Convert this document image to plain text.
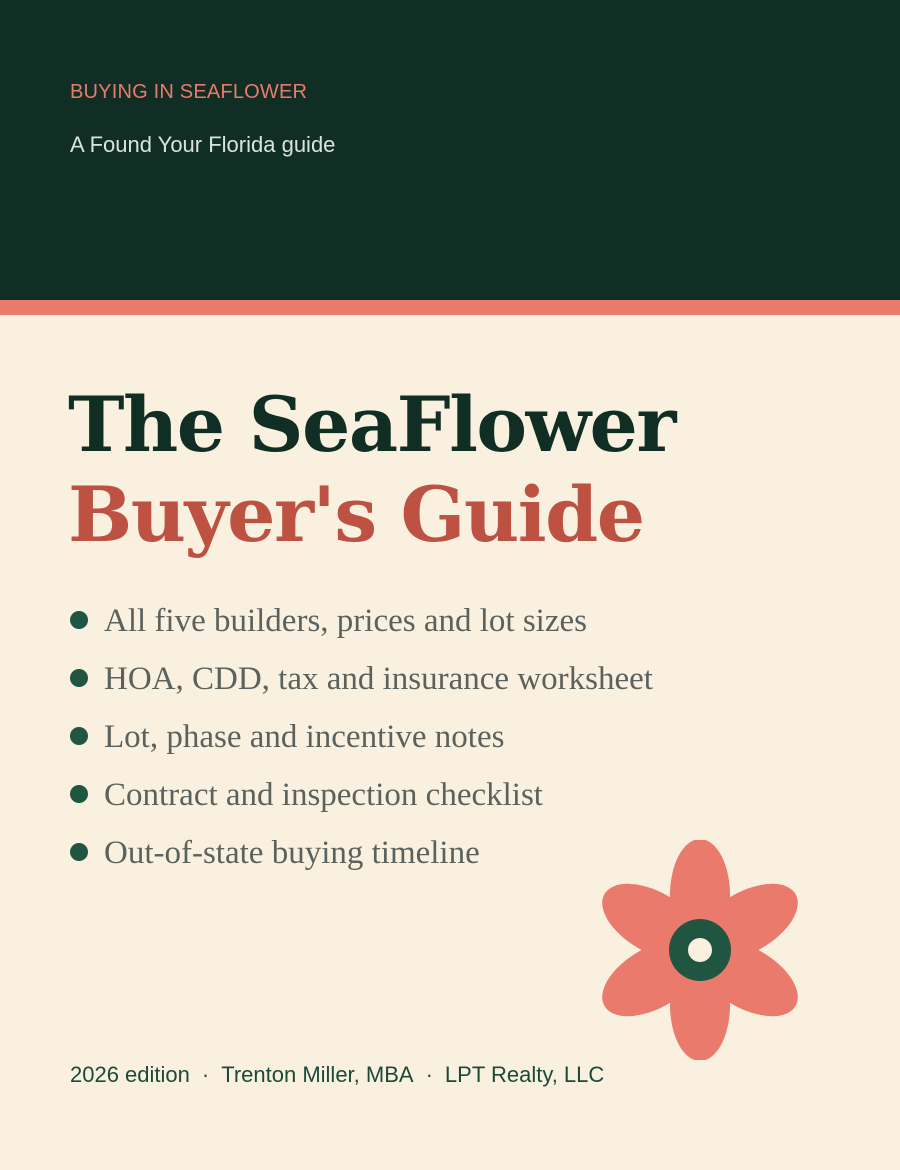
BUYING IN SEAFLOWER
A Found Your Florida guide
The SeaFlower
Buyer's Guide
All five builders, prices and lot sizes
HOA, CDD, tax and insurance worksheet
Lot, phase and incentive notes
Contract and inspection checklist
Out-of-state buying timeline
2026 edition · Trenton Miller, MBA · LPT Realty, LLC
